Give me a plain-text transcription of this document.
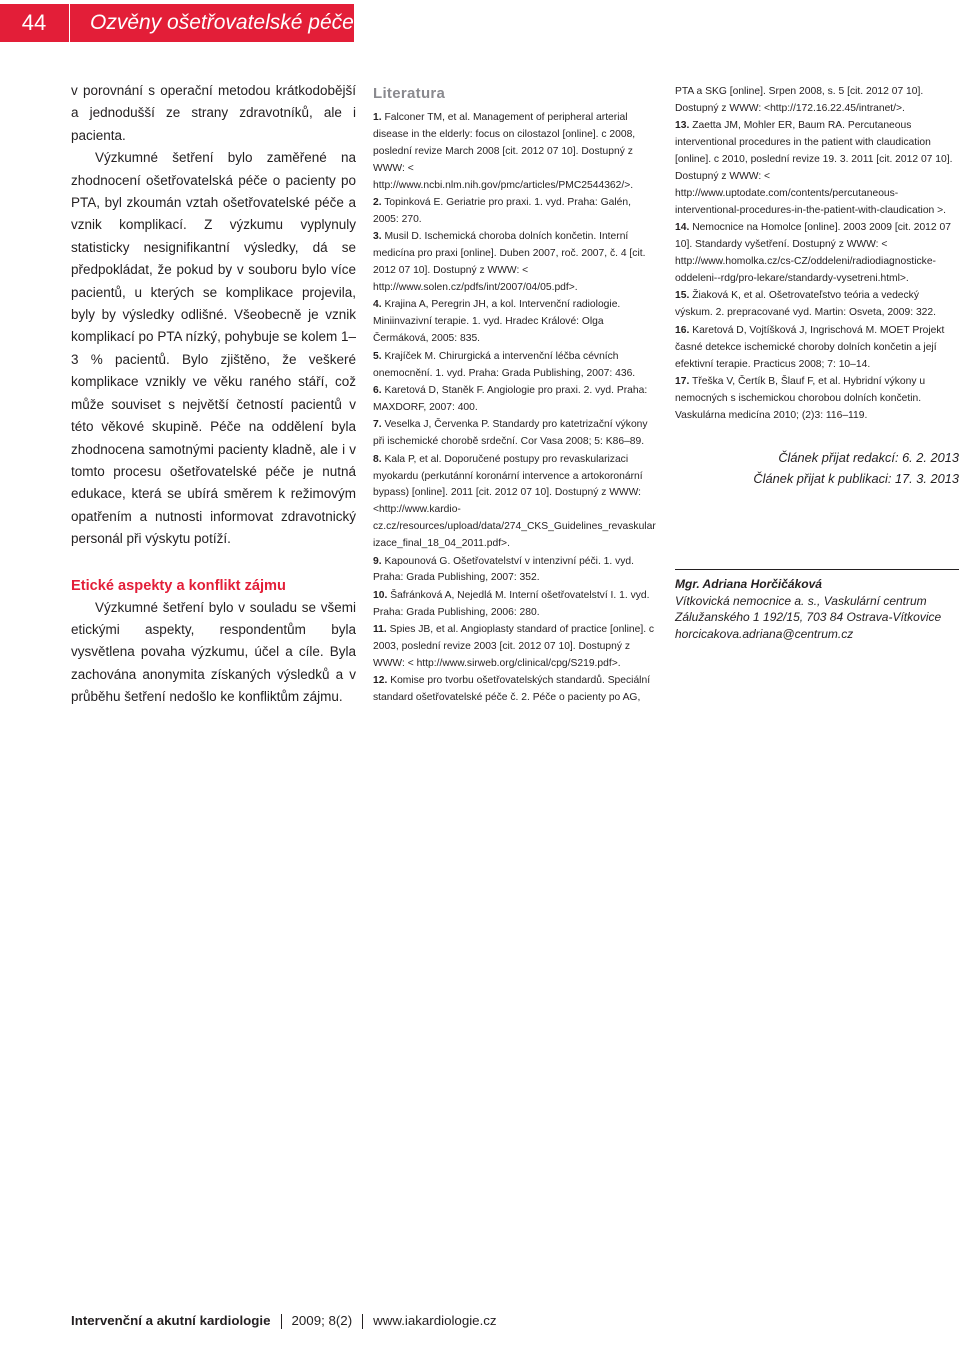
44	Ozvěny ošetřovatelské péče

v porovnání s operační metodou krátkodobější a jednodušší ze strany zdravotníků, ale i pacienta.

Výzkumné šetření bylo zaměřené na zhodnocení ošetřovatelská péče o pacienty po PTA, byl zkoumán vztah ošetřovatelské péče a vznik komplikací. Z výzkumu vyplynuly statisticky nesignifikantní výsledky, dá se předpokládat, že pokud by v souboru bylo více pacientů, u kterých se komplikace projevila, byly by výsledky odlišné. Všeobecně je vznik komplikací po PTA nízký, pohybuje se kolem 1–3 % pacientů. Bylo zjištěno, že veškeré komplikace vznikly ve věku raného stáří, což může souviset s největší četností pacientů v této věkové skupině. Péče na oddělení byla zhodnocena samotnými pacienty kladně, ale i v tomto procesu ošetřovatelské péče je nutná edukace, která se ubírá směrem k režimovým opatřením a nutnosti informovat zdravotnický personál při výskytu potíží.

Etické aspekty a konflikt zájmu

Výzkumné šetření bylo v souladu se všemi etickými aspekty, respondentům byla vysvětlena povaha výzkumu, účel a cíle. Byla zachována anonymita získaných výsledků a v průběhu šetření nedošlo ke konfliktům zájmu.

Literatura
1. Falconer TM, et al. Management of peripheral arterial disease in the elderly: focus on cilostazol [online]. c 2008, poslední revize March 2008 [cit. 2012 07 10]. Dostupný z WWW: < http://www.ncbi.nlm.nih.gov/pmc/articles/PMC2544362/>.
2. Topinková E. Geriatrie pro praxi. 1. vyd. Praha: Galén, 2005: 270.
3. Musil D. Ischemická choroba dolních končetin. Interní medicína pro praxi [online]. Duben 2007, roč. 2007, č. 4 [cit. 2012 07 10]. Dostupný z WWW: < http://www.solen.cz/pdfs/int/2007/04/05.pdf>.
4. Krajina A, Peregrin JH, a kol. Intervenční radiologie. Miniinvazivní terapie. 1. vyd. Hradec Králové: Olga Čermáková, 2005: 835.
5. Krajíček M. Chirurgická a intervenční léčba cévních onemocnění. 1. vyd. Praha: Grada Publishing, 2007: 436.
6. Karetová D, Staněk F. Angiologie pro praxi. 2. vyd. Praha: MAXDORF, 2007: 400.
7. Veselka J, Červenka P. Standardy pro katetrizační výkony při ischemické chorobě srdeční. Cor Vasa 2008; 5: K86–89.
8. Kala P, et al. Doporučené postupy pro revaskularizaci myokardu (perkutánní koronární intervence a artokoronární bypass) [online]. 2011 [cit. 2012 07 10]. Dostupný z WWW: <http://www.kardio-cz.cz/resources/upload/data/274_CKS_Guidelines_revaskularizace_final_18_04_2011.pdf>.
9. Kapounová G. Ošetřovatelství v intenzivní péči. 1. vyd. Praha: Grada Publishing, 2007: 352.
10. Šafránková A, Nejedlá M. Interní ošetřovatelství I. 1. vyd. Praha: Grada Publishing, 2006: 280.
11. Spies JB, et al. Angioplasty standard of practice [online]. c 2003, poslední revize 2003 [cit. 2012 07 10]. Dostupný z WWW: < http://www.sirweb.org/clinical/cpg/S219.pdf>.
12. Komise pro tvorbu ošetřovatelských standardů. Speciální standard ošetřovatelské péče č. 2. Péče o pacienty po AG,
PTA a SKG [online]. Srpen 2008, s. 5 [cit. 2012 07 10]. Dostupný z WWW: <http://172.16.22.45/intranet/>.
13. Zaetta JM, Mohler ER, Baum RA. Percutaneous interventional procedures in the patient with claudication [online]. c 2010, poslední revize 19. 3. 2011 [cit. 2012 07 10]. Dostupný z WWW: < http://www.uptodate.com/contents/percutaneous-interventional-procedures-in-the-patient-with-claudication >.
14. Nemocnice na Homolce [online]. 2003 2009 [cit. 2012 07 10]. Standardy vyšetření. Dostupný z WWW: < http://www.homolka.cz/cs-CZ/oddeleni/radiodiagnosticke-oddeleni--rdg/pro-lekare/standardy-vysetreni.html>.
15. Žiaková K, et al. Ošetrovateľstvo teória a vedecký výskum. 2. prepracované vyd. Martin: Osveta, 2009: 322.
16. Karetová D, Vojtíšková J, Ingrischová M. MOET Projekt časné detekce ischemické choroby dolních končetin a její efektivní terapie. Practicus 2008; 7: 10–14.
17. Třeška V, Čertík B, Šlauf F, et al. Hybridní výkony u nemocných s ischemickou chorobou dolních končetin. Vaskulárna medicína 2010; (2)3: 116–119.
Článek přijat redakcí: 6. 2. 2013
Článek přijat k publikaci: 17. 3. 2013
Mgr. Adriana Horčičáková
Vítkovická nemocnice a. s., Vaskulární centrum
Zálužanského 1 192/15, 703 84 Ostrava-Vítkovice
horcicakova.adriana@centrum.cz
Intervenční a akutní kardiologie 2009; 8(2) www.iakardiologie.cz
